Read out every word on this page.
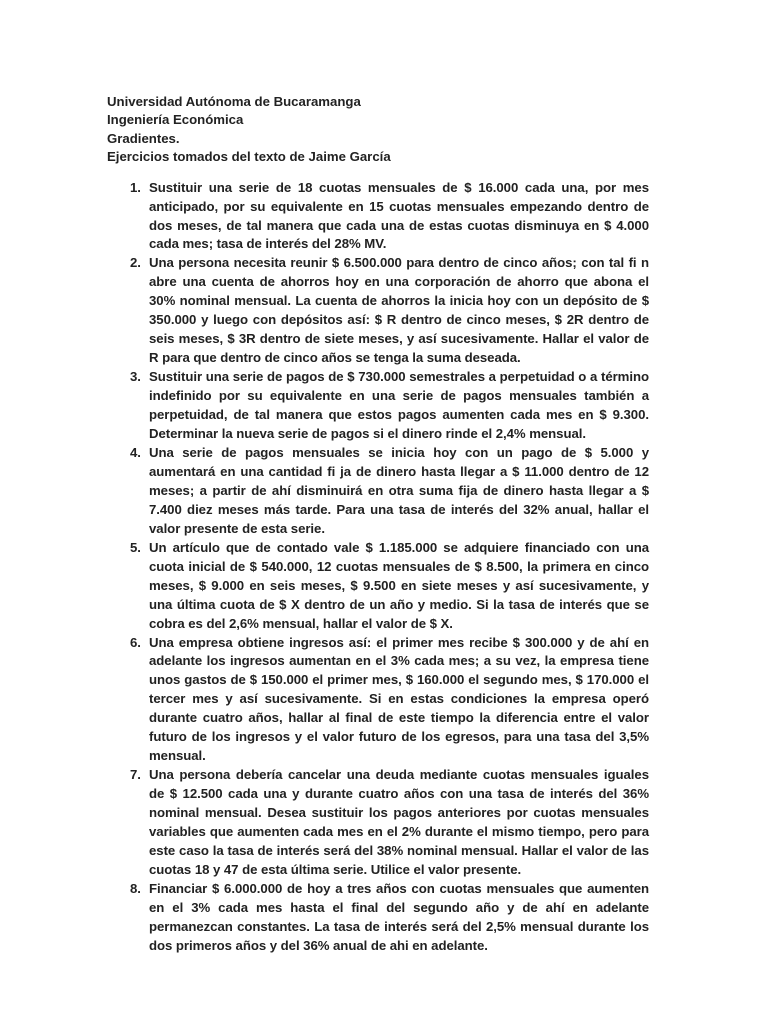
Universidad Autónoma de Bucaramanga
Ingeniería Económica
Gradientes.
Ejercicios tomados del texto de Jaime García
1. Sustituir una serie de 18 cuotas mensuales de $ 16.000 cada una, por mes anticipado, por su equivalente en 15 cuotas mensuales empezando dentro de dos meses, de tal manera que cada una de estas cuotas disminuya en $ 4.000 cada mes; tasa de interés del 28% MV.
2. Una persona necesita reunir $ 6.500.000 para dentro de cinco años; con tal fi n abre una cuenta de ahorros hoy en una corporación de ahorro que abona el 30% nominal mensual. La cuenta de ahorros la inicia hoy con un depósito de $ 350.000 y luego con depósitos así: $ R dentro de cinco meses, $ 2R dentro de seis meses, $ 3R dentro de siete meses, y así sucesivamente. Hallar el valor de R para que dentro de cinco años se tenga la suma deseada.
3. Sustituir una serie de pagos de $ 730.000 semestrales a perpetuidad o a término indefinido por su equivalente en una serie de pagos mensuales también a perpetuidad, de tal manera que estos pagos aumenten cada mes en $ 9.300. Determinar la nueva serie de pagos si el dinero rinde el 2,4% mensual.
4. Una serie de pagos mensuales se inicia hoy con un pago de $ 5.000 y aumentará en una cantidad fi ja de dinero hasta llegar a $ 11.000 dentro de 12 meses; a partir de ahí disminuirá en otra suma fija de dinero hasta llegar a $ 7.400 diez meses más tarde. Para una tasa de interés del 32% anual, hallar el valor presente de esta serie.
5. Un artículo que de contado vale $ 1.185.000 se adquiere financiado con una cuota inicial de $ 540.000, 12 cuotas mensuales de $ 8.500, la primera en cinco meses, $ 9.000 en seis meses, $ 9.500 en siete meses y así sucesivamente, y una última cuota de $ X dentro de un año y medio. Si la tasa de interés que se cobra es del 2,6% mensual, hallar el valor de $ X.
6. Una empresa obtiene ingresos así: el primer mes recibe $ 300.000 y de ahí en adelante los ingresos aumentan en el 3% cada mes; a su vez, la empresa tiene unos gastos de $ 150.000 el primer mes, $ 160.000 el segundo mes, $ 170.000 el tercer mes y así sucesivamente. Si en estas condiciones la empresa operó durante cuatro años, hallar al final de este tiempo la diferencia entre el valor futuro de los ingresos y el valor futuro de los egresos, para una tasa del 3,5% mensual.
7. Una persona debería cancelar una deuda mediante cuotas mensuales iguales de $ 12.500 cada una y durante cuatro años con una tasa de interés del 36% nominal mensual. Desea sustituir los pagos anteriores por cuotas mensuales variables que aumenten cada mes en el 2% durante el mismo tiempo, pero para este caso la tasa de interés será del 38% nominal mensual. Hallar el valor de las cuotas 18 y 47 de esta última serie. Utilice el valor presente.
8. Financiar $ 6.000.000 de hoy a tres años con cuotas mensuales que aumenten en el 3% cada mes hasta el final del segundo año y de ahí en adelante permanezcan constantes. La tasa de interés será del 2,5% mensual durante los dos primeros años y del 36% anual de ahi en adelante.
